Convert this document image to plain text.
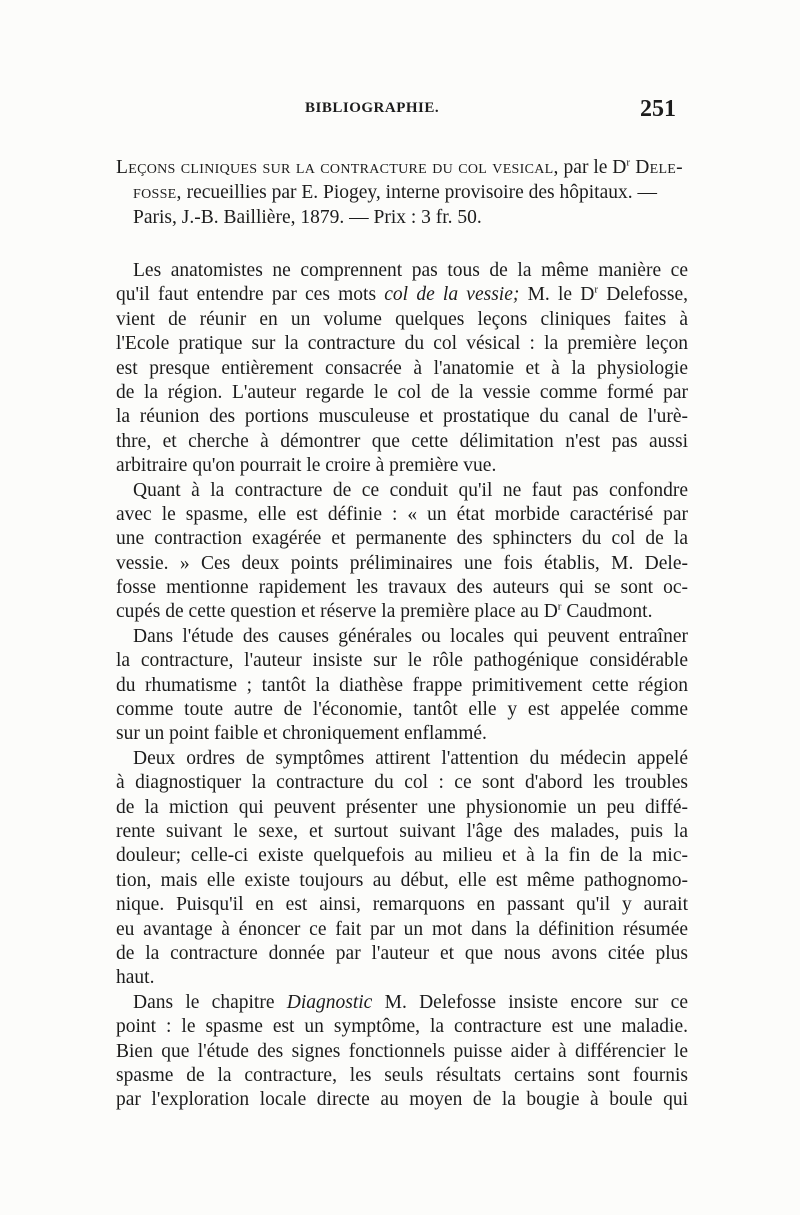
BIBLIOGRAPHIE.	251
Leçons cliniques sur la contracture du col vesical, par le $D^r$ Dele-
fosse, recueillies par E. Piogey, interne provisoire des hôpitaux. —
Paris, J.-B. Baillière, 1879. — Prix : 3 fr. 50.
Les anatomistes ne comprennent pas tous de la même manière ce
qu'il faut entendre par ces mots col de la vessie; M. le $D^r$ Delefosse,
vient de réunir en un volume quelques leçons cliniques faites à
l'Ecole pratique sur la contracture du col vésical : la première leçon
est presque entièrement consacrée à l'anatomie et à la physiologie
de la région. L'auteur regarde le col de la vessie comme formé par
la réunion des portions musculeuse et prostatique du canal de l'urè-
thre, et cherche à démontrer que cette délimitation n'est pas aussi
arbitraire qu'on pourrait le croire à première vue.
Quant à la contracture de ce conduit qu'il ne faut pas confondre
avec le spasme, elle est définie : « un état morbide caractérisé par
une contraction exagérée et permanente des sphincters du col de la
vessie. » Ces deux points préliminaires une fois établis, M. Dele-
fosse mentionne rapidement les travaux des auteurs qui se sont oc-
cupés de cette question et réserve la première place au $D^r$ Caudmont.
Dans l'étude des causes générales ou locales qui peuvent entraîner
la contracture, l'auteur insiste sur le rôle pathogénique considérable
du rhumatisme ; tantôt la diathèse frappe primitivement cette région
comme toute autre de l'économie, tantôt elle y est appelée comme
sur un point faible et chroniquement enflammé.
Deux ordres de symptômes attirent l'attention du médecin appelé
à diagnostiquer la contracture du col : ce sont d'abord les troubles
de la miction qui peuvent présenter une physionomie un peu diffé-
rente suivant le sexe, et surtout suivant l'âge des malades, puis la
douleur; celle-ci existe quelquefois au milieu et à la fin de la mic-
tion, mais elle existe toujours au début, elle est même pathognomo-
nique. Puisqu'il en est ainsi, remarquons en passant qu'il y aurait
eu avantage à énoncer ce fait par un mot dans la définition résumée
de la contracture donnée par l'auteur et que nous avons citée plus
haut.
Dans le chapitre Diagnostic M. Delefosse insiste encore sur ce
point : le spasme est un symptôme, la contracture est une maladie.
Bien que l'étude des signes fonctionnels puisse aider à différencier le
spasme de la contracture, les seuls résultats certains sont fournis
par l'exploration locale directe au moyen de la bougie à boule qui
